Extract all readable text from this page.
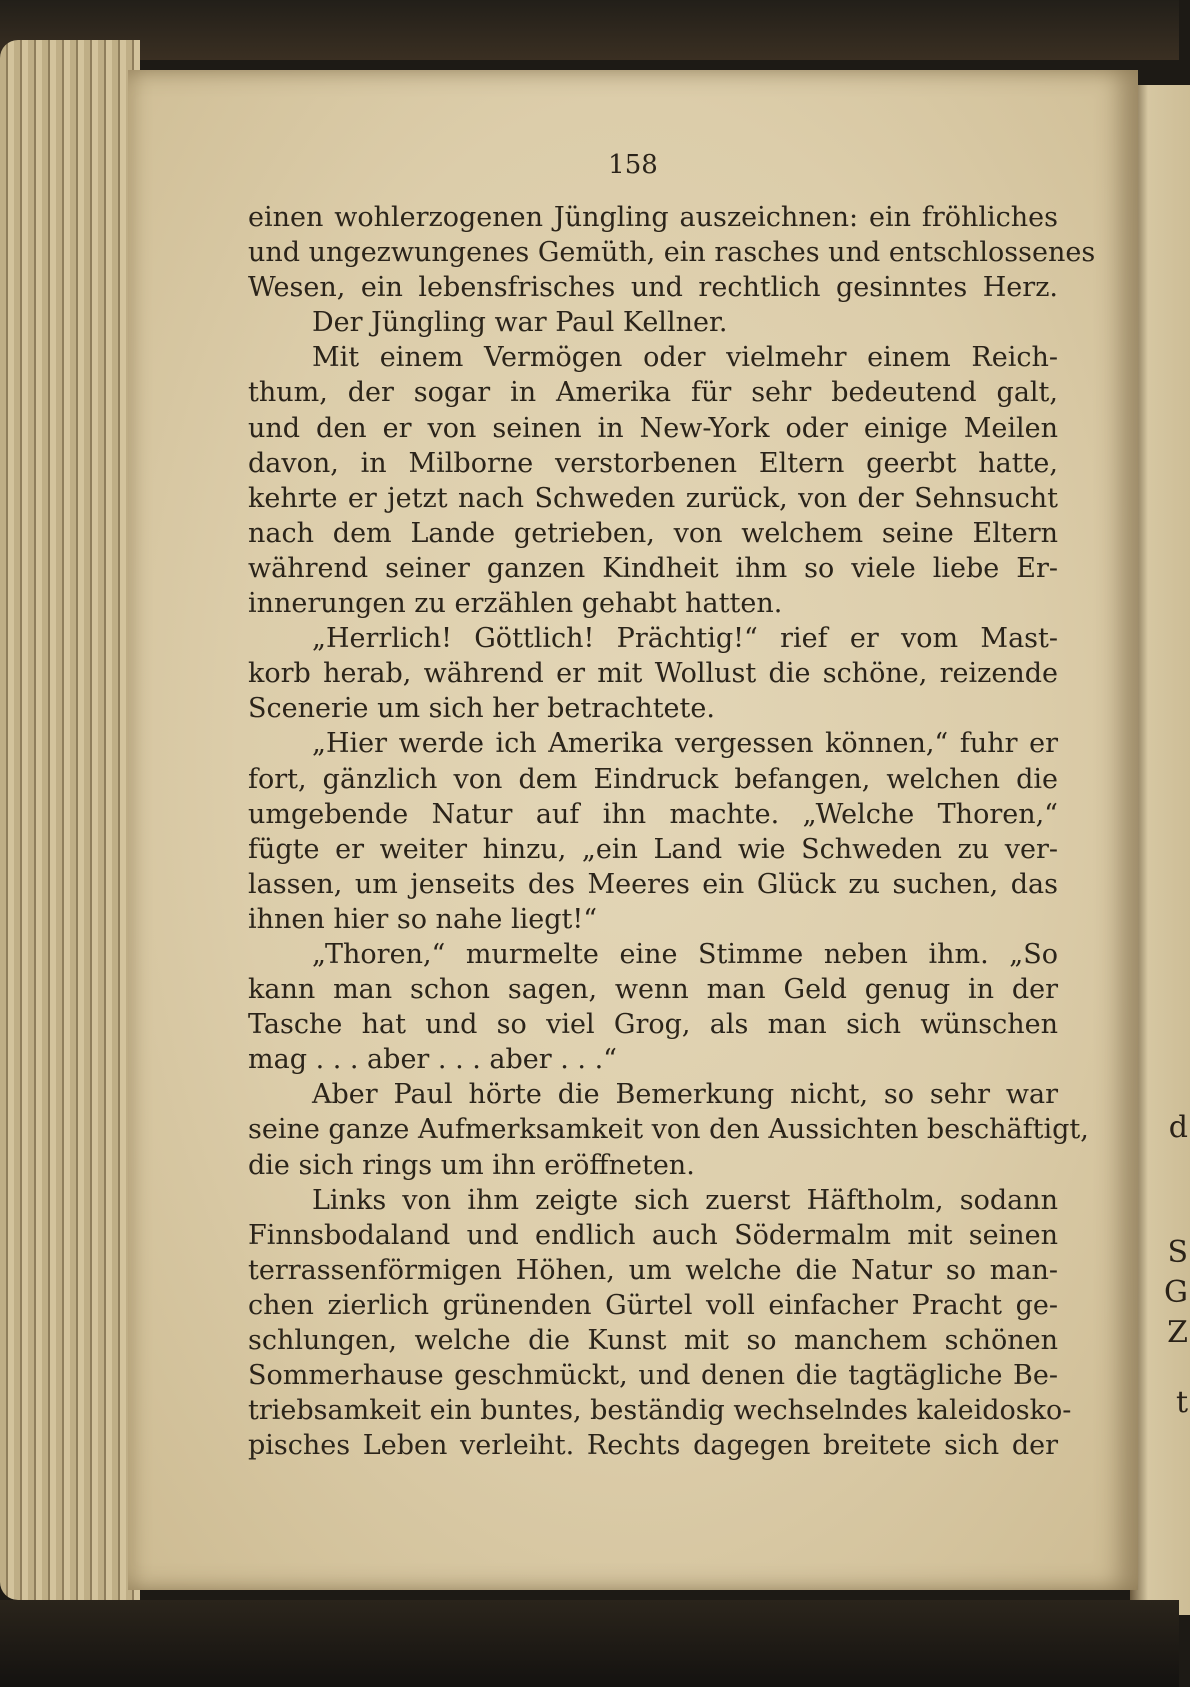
d
S
G
Z
t
158
einen wohlerzogenen Jüngling auszeichnen: ein fröhliches
und ungezwungenes Gemüth, ein rasches und entschlossenes
Wesen, ein lebensfrisches und rechtlich gesinntes Herz.
Der Jüngling war Paul Kellner.
Mit einem Vermögen oder vielmehr einem Reich-
thum, der sogar in Amerika für sehr bedeutend galt,
und den er von seinen in New-York oder einige Meilen
davon, in Milborne verstorbenen Eltern geerbt hatte,
kehrte er jetzt nach Schweden zurück, von der Sehnsucht
nach dem Lande getrieben, von welchem seine Eltern
während seiner ganzen Kindheit ihm so viele liebe Er-
innerungen zu erzählen gehabt hatten.
„Herrlich! Göttlich! Prächtig!“ rief er vom Mast-
korb herab, während er mit Wollust die schöne, reizende
Scenerie um sich her betrachtete.
„Hier werde ich Amerika vergessen können,“ fuhr er
fort, gänzlich von dem Eindruck befangen, welchen die
umgebende Natur auf ihn machte. „Welche Thoren,“
fügte er weiter hinzu, „ein Land wie Schweden zu ver-
lassen, um jenseits des Meeres ein Glück zu suchen, das
ihnen hier so nahe liegt!“
„Thoren,“ murmelte eine Stimme neben ihm. „So
kann man schon sagen, wenn man Geld genug in der
Tasche hat und so viel Grog, als man sich wünschen
mag . . . aber . . . aber . . .“
Aber Paul hörte die Bemerkung nicht, so sehr war
seine ganze Aufmerksamkeit von den Aussichten beschäftigt,
die sich rings um ihn eröffneten.
Links von ihm zeigte sich zuerst Häftholm, sodann
Finnsbodaland und endlich auch Södermalm mit seinen
terrassenförmigen Höhen, um welche die Natur so man-
chen zierlich grünenden Gürtel voll einfacher Pracht ge-
schlungen, welche die Kunst mit so manchem schönen
Sommerhause geschmückt, und denen die tagtägliche Be-
triebsamkeit ein buntes, beständig wechselndes kaleidosko-
pisches Leben verleiht. Rechts dagegen breitete sich der
